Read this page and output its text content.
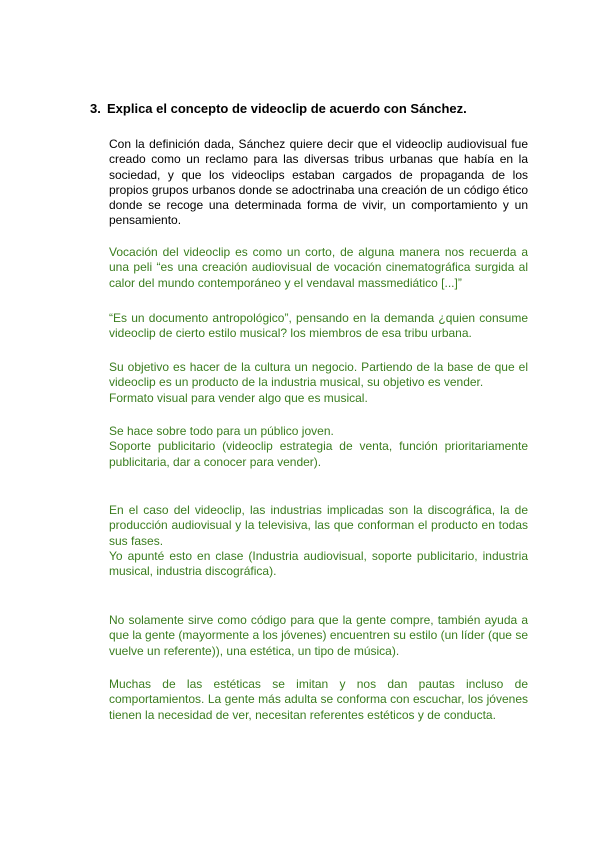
3. Explica el concepto de videoclip de acuerdo con Sánchez.

Con la definición dada, Sánchez quiere decir que el videoclip audiovisual fue creado como un reclamo para las diversas tribus urbanas que había en la sociedad, y que los videoclips estaban cargados de propaganda de los propios grupos urbanos donde se adoctrinaba una creación de un código ético donde se recoge una determinada forma de vivir, un comportamiento y un pensamiento.

Vocación del videoclip es como un corto, de alguna manera nos recuerda a una peli “es una creación audiovisual de vocación cinematográfica surgida al calor del mundo contemporáneo y el vendaval massmediático [...]”

“Es un documento antropológico”, pensando en la demanda ¿quien consume videoclip de cierto estilo musical? los miembros de esa tribu urbana.

Su objetivo es hacer de la cultura un negocio. Partiendo de la base de que el videoclip es un producto de la industria musical, su objetivo es vender.
Formato visual para vender algo que es musical.
Se hace sobre todo para un público joven.
Soporte publicitario (videoclip estrategia de venta, función prioritariamente publicitaria, dar a conocer para vender).
En el caso del videoclip, las industrias implicadas son la discográfica, la de producción audiovisual y la televisiva, las que conforman el producto en todas sus fases.
Yo apunté esto en clase (Industria audiovisual, soporte publicitario, industria musical, industria discográfica).

No solamente sirve como código para que la gente compre, también ayuda a que la gente (mayormente a los jóvenes) encuentren su estilo (un líder (que se vuelve un referente)), una estética, un tipo de música).

Muchas de las estéticas se imitan y nos dan pautas incluso de comportamientos. La gente más adulta se conforma con escuchar, los jóvenes tienen la necesidad de ver, necesitan referentes estéticos y de conducta.
